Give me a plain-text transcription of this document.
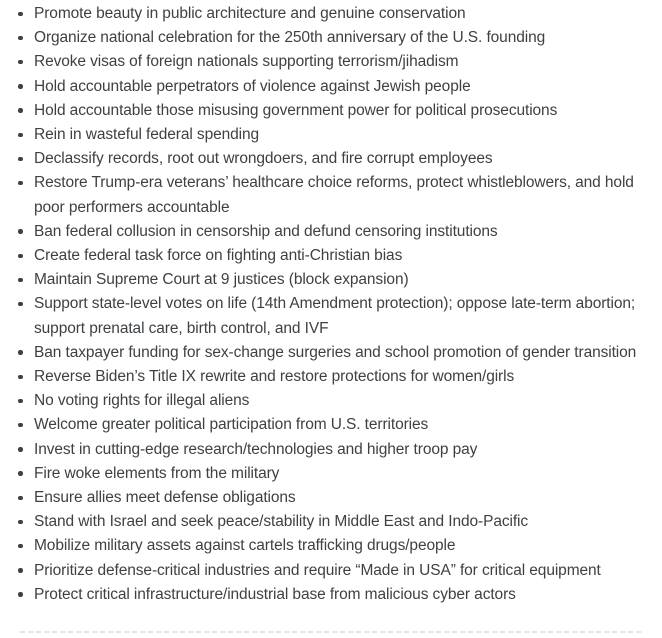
Promote beauty in public architecture and genuine conservation
Organize national celebration for the 250th anniversary of the U.S. founding
Revoke visas of foreign nationals supporting terrorism/jihadism
Hold accountable perpetrators of violence against Jewish people
Hold accountable those misusing government power for political prosecutions
Rein in wasteful federal spending
Declassify records, root out wrongdoers, and fire corrupt employees
Restore Trump-era veterans’ healthcare choice reforms, protect whistleblowers, and hold poor performers accountable
Ban federal collusion in censorship and defund censoring institutions
Create federal task force on fighting anti-Christian bias
Maintain Supreme Court at 9 justices (block expansion)
Support state-level votes on life (14th Amendment protection); oppose late-term abortion; support prenatal care, birth control, and IVF
Ban taxpayer funding for sex-change surgeries and school promotion of gender transition
Reverse Biden’s Title IX rewrite and restore protections for women/girls
No voting rights for illegal aliens
Welcome greater political participation from U.S. territories
Invest in cutting-edge research/technologies and higher troop pay
Fire woke elements from the military
Ensure allies meet defense obligations
Stand with Israel and seek peace/stability in Middle East and Indo-Pacific
Mobilize military assets against cartels trafficking drugs/people
Prioritize defense-critical industries and require “Made in USA” for critical equipment
Protect critical infrastructure/industrial base from malicious cyber actors
